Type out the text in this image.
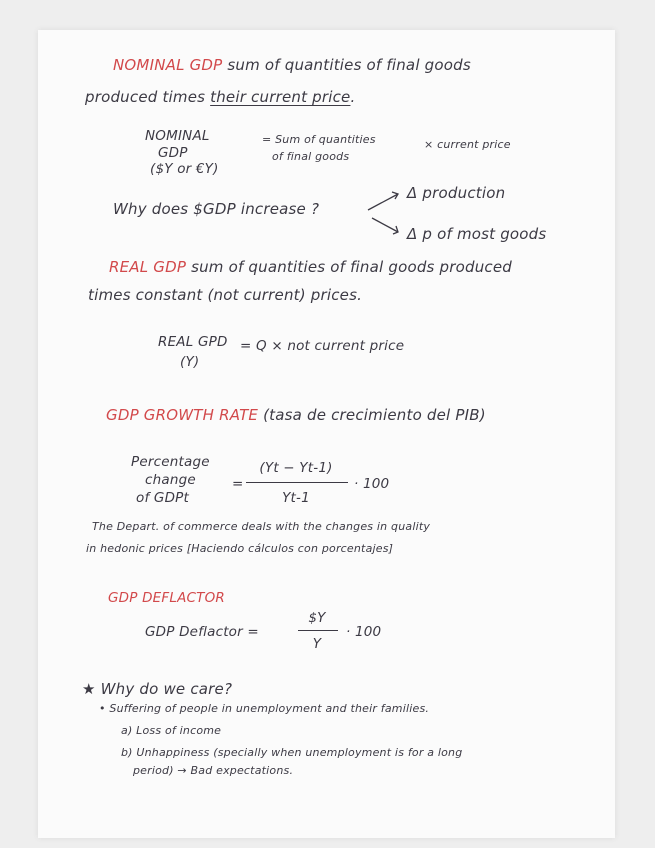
NOMINAL GDP sum of quantities of final goods
produced times their current price.
NOMINAL
GDP
($Y or €Y)
= Sum of quantities
of final goods
× current price
Why does $GDP increase ?
Δ production
Δ p of most goods
REAL GDP sum of quantities of final goods produced
times constant (not current) prices.
REAL GPD
(Y)
= Q × not current price
GDP GROWTH RATE (tasa de crecimiento del PIB)
Percentage
change
of GDPt
=
(Yt − Yt-1)
Yt-1
· 100
The Depart. of commerce deals with the changes in quality
in hedonic prices [Haciendo cálculos con porcentajes]
GDP DEFLACTOR
GDP Deflactor =
$Y
Y
· 100
★ Why do we care?
• Suffering of people in unemployment and their families.
a) Loss of income
b) Unhappiness (specially when unemployment is for a long
period) → Bad expectations.
